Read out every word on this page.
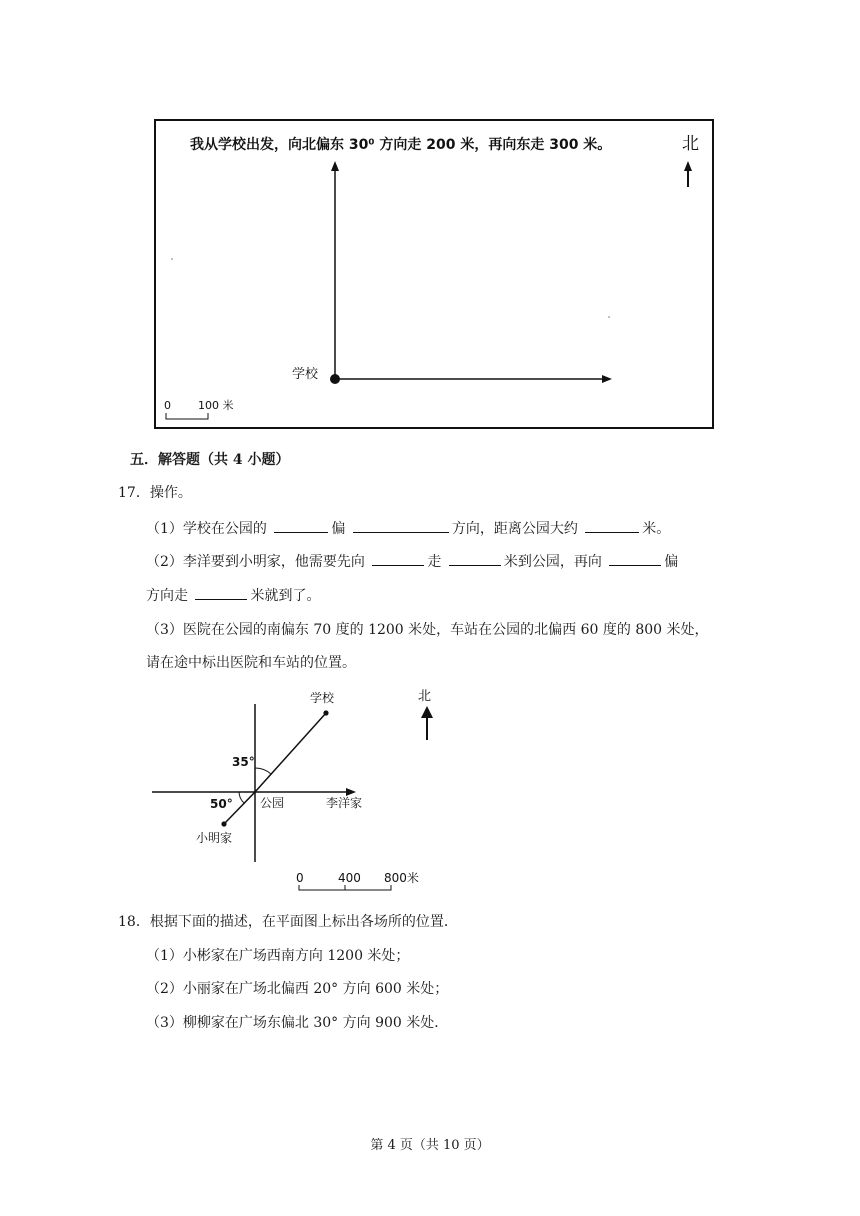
我从学校出发，向北偏东 30⁰ 方向走 200 米，再向东走 300 米。	北
学校
0 100 米
五．解答题（共 4 小题）
17．操作。
（1）学校在公园的	偏	方向，距离公园大约	米。
（2）李洋要到小明家，他需要先向	走	米到公园，再向	偏
方向走	米就到了。
（3）医院在公园的南偏东 70 度的 1200 米处，车站在公园的北偏西 60 度的 800 米处，
请在途中标出医院和车站的位置。
学校
小明家
35°
50° 公园	李洋家
北
0	400 800米
18．根据下面的描述，在平面图上标出各场所的位置．
（1）小彬家在广场西南方向 1200 米处；
（2）小丽家在广场北偏西 20° 方向 600 米处；
（3）柳柳家在广场东偏北 30° 方向 900 米处．
第 4 页（共 10 页）
